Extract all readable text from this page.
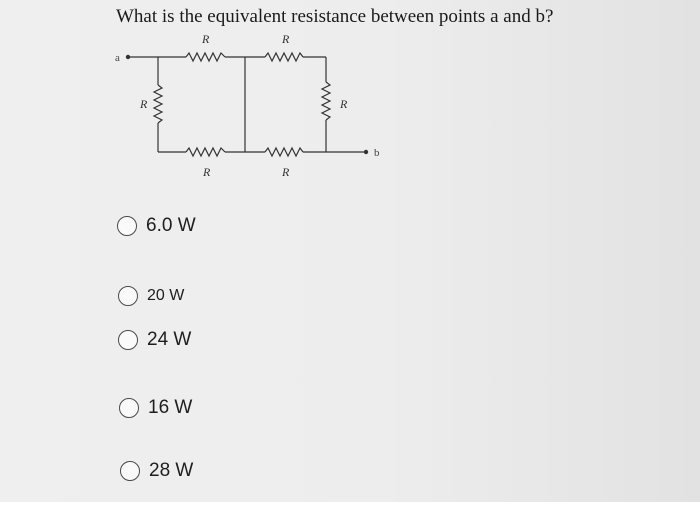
What is the equivalent resistance between points a and b?
a
b
R	R
R	R
R	R
6.0 W
20 W
24 W
16 W
28 W
